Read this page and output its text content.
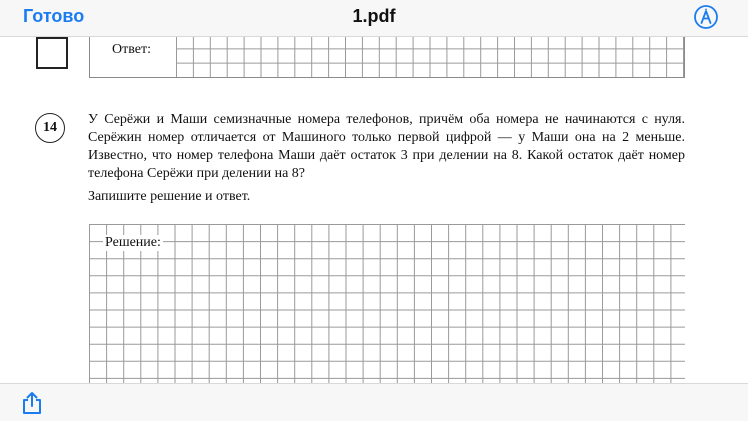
Готово	1.pdf
Ответ:
14
У Серёжи и Маши семизначные номера телефонов, причём оба номера не начинаются с нуля. Серёжин номер отличается от Машиного только первой цифрой — у Маши она на 2 меньше. Известно, что номер телефона Маши даёт остаток 3 при делении на 8. Какой остаток даёт номер телефона Серёжи при делении на 8?
Запишите решение и ответ.
Решение:
